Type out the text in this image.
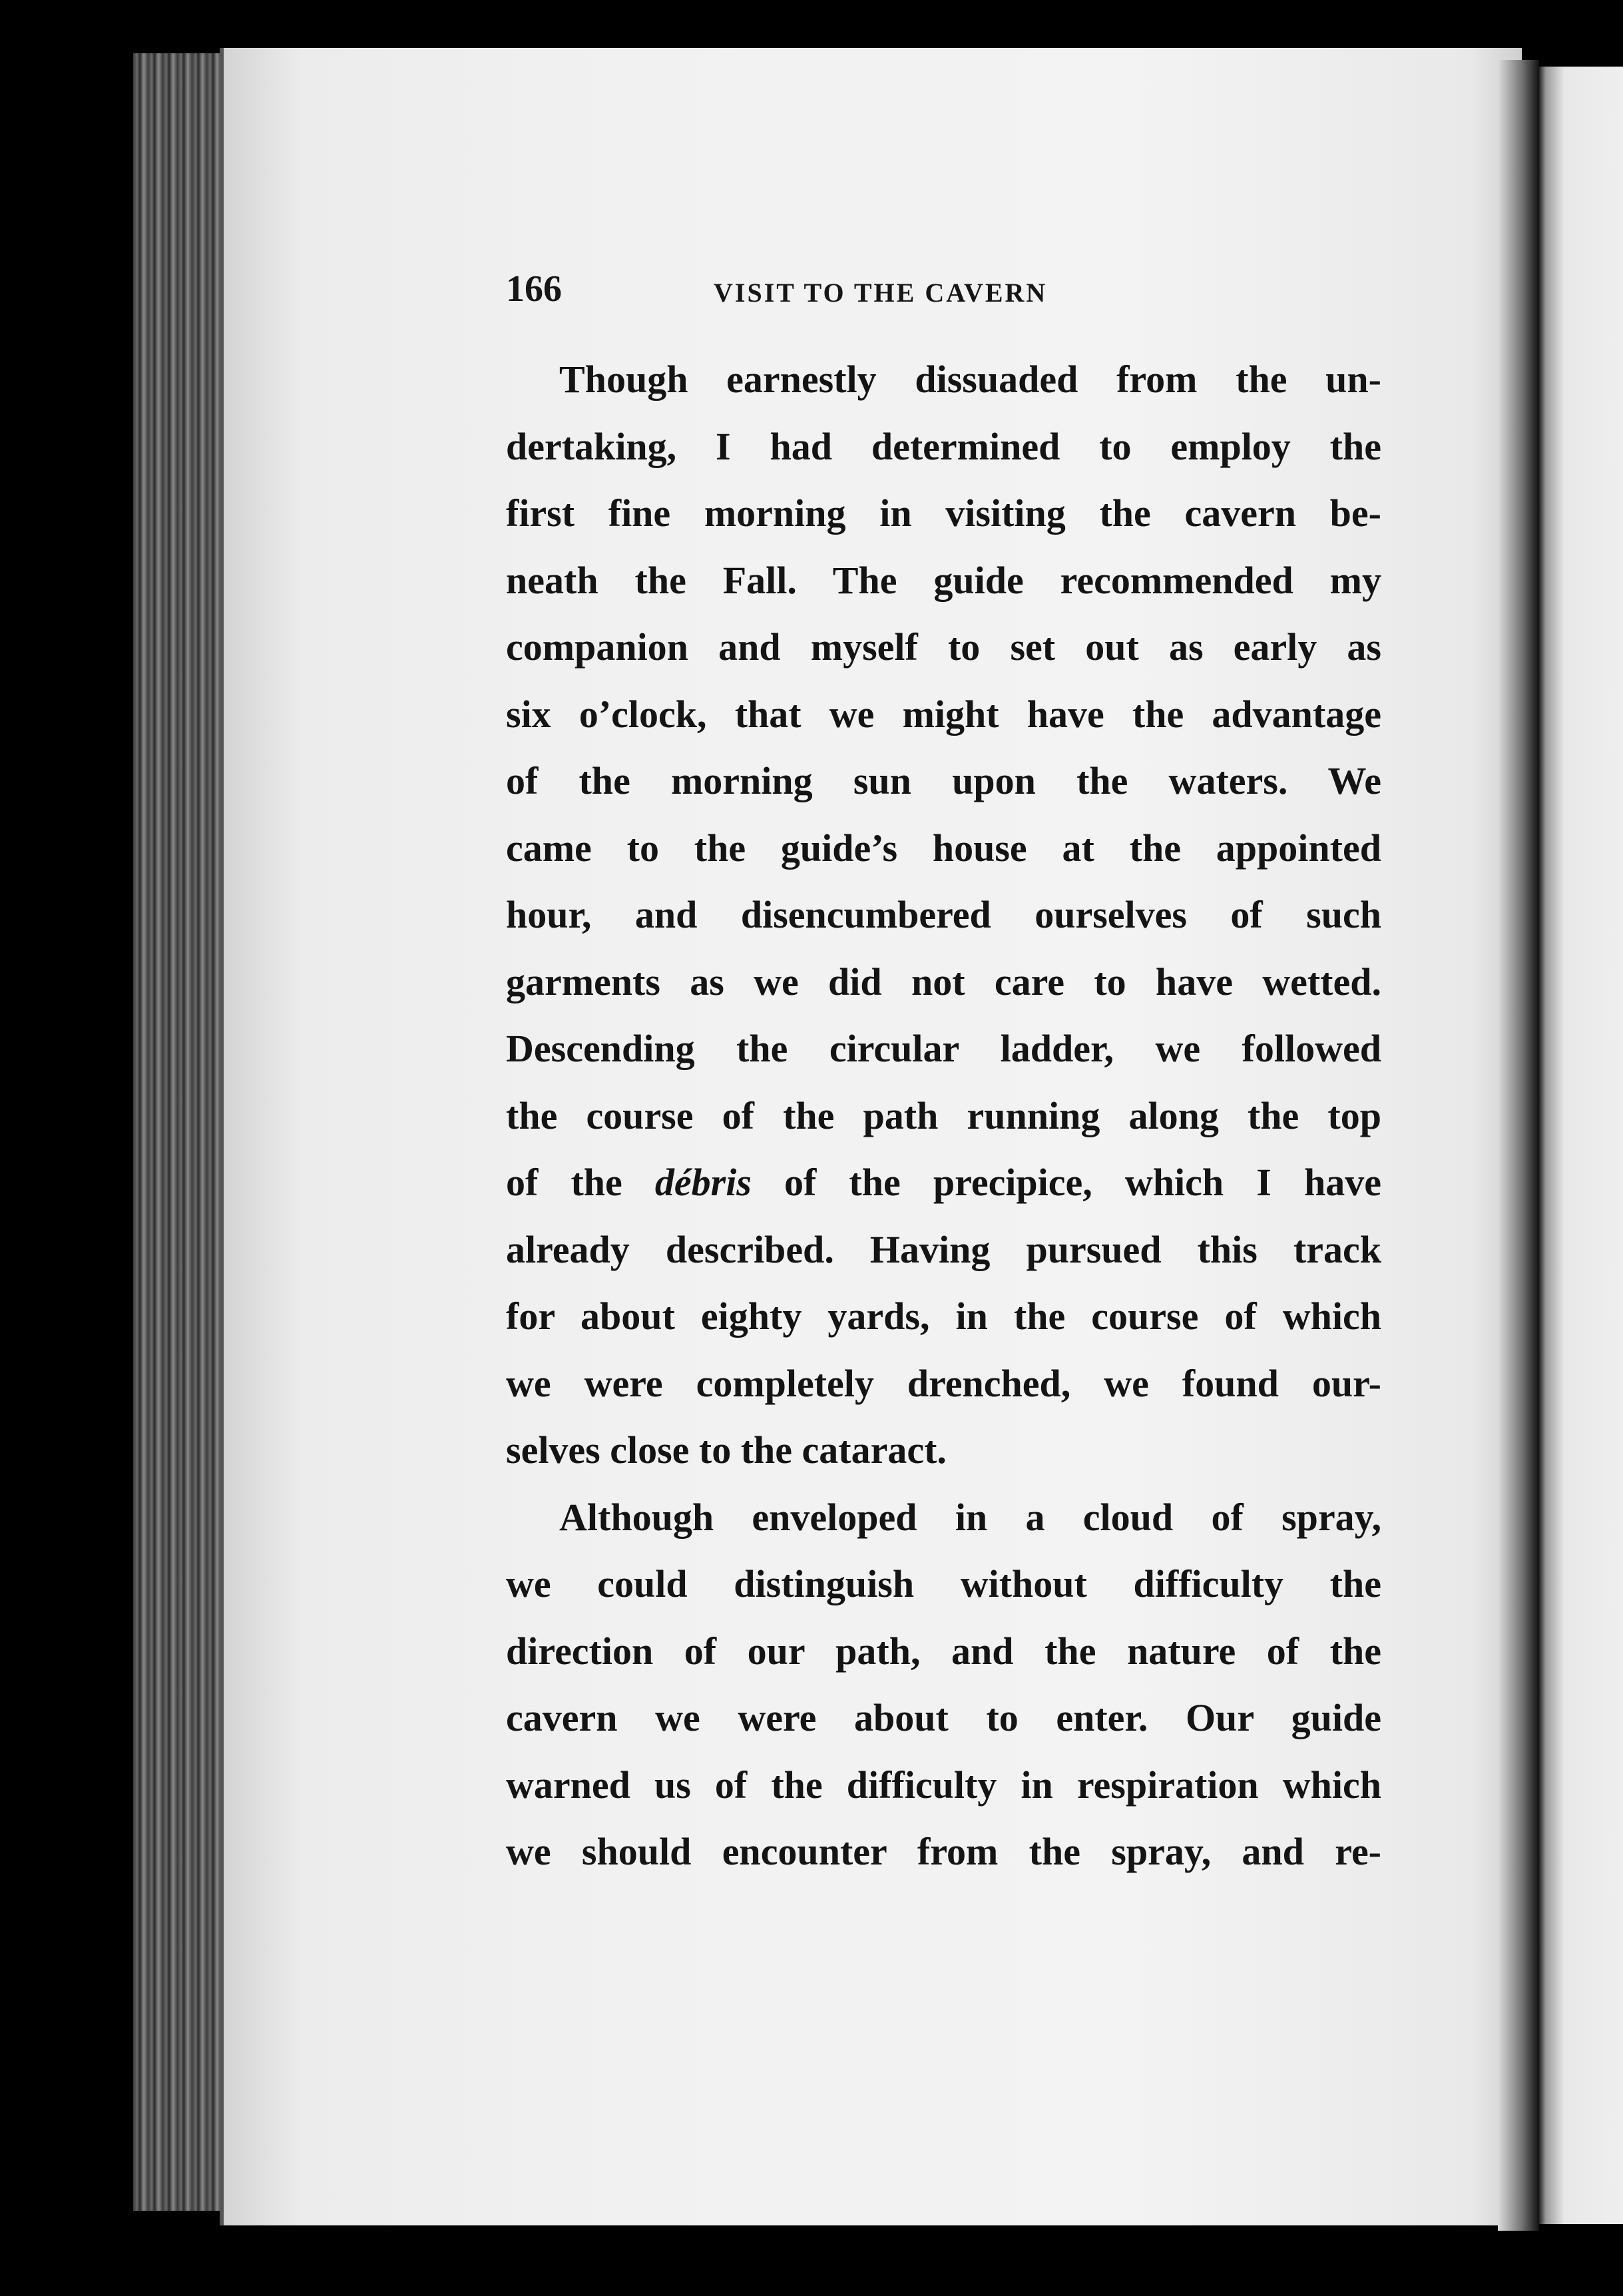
166	VISIT TO THE CAVERN
Though earnestly dissuaded from the un-
dertaking, I had determined to employ the
first fine morning in visiting the cavern be-
neath the Fall. The guide recommended my
companion and myself to set out as early as
six o’clock, that we might have the advantage
of the morning sun upon the waters. We
came to the guide’s house at the appointed
hour, and disencumbered ourselves of such
garments as we did not care to have wetted.
Descending the circular ladder, we followed
the course of the path running along the top
of the débris of the precipice, which I have
already described. Having pursued this track
for about eighty yards, in the course of which
we were completely drenched, we found our-
selves close to the cataract.
Although enveloped in a cloud of spray,
we could distinguish without difficulty the
direction of our path, and the nature of the
cavern we were about to enter. Our guide
warned us of the difficulty in respiration which
we should encounter from the spray, and re-
